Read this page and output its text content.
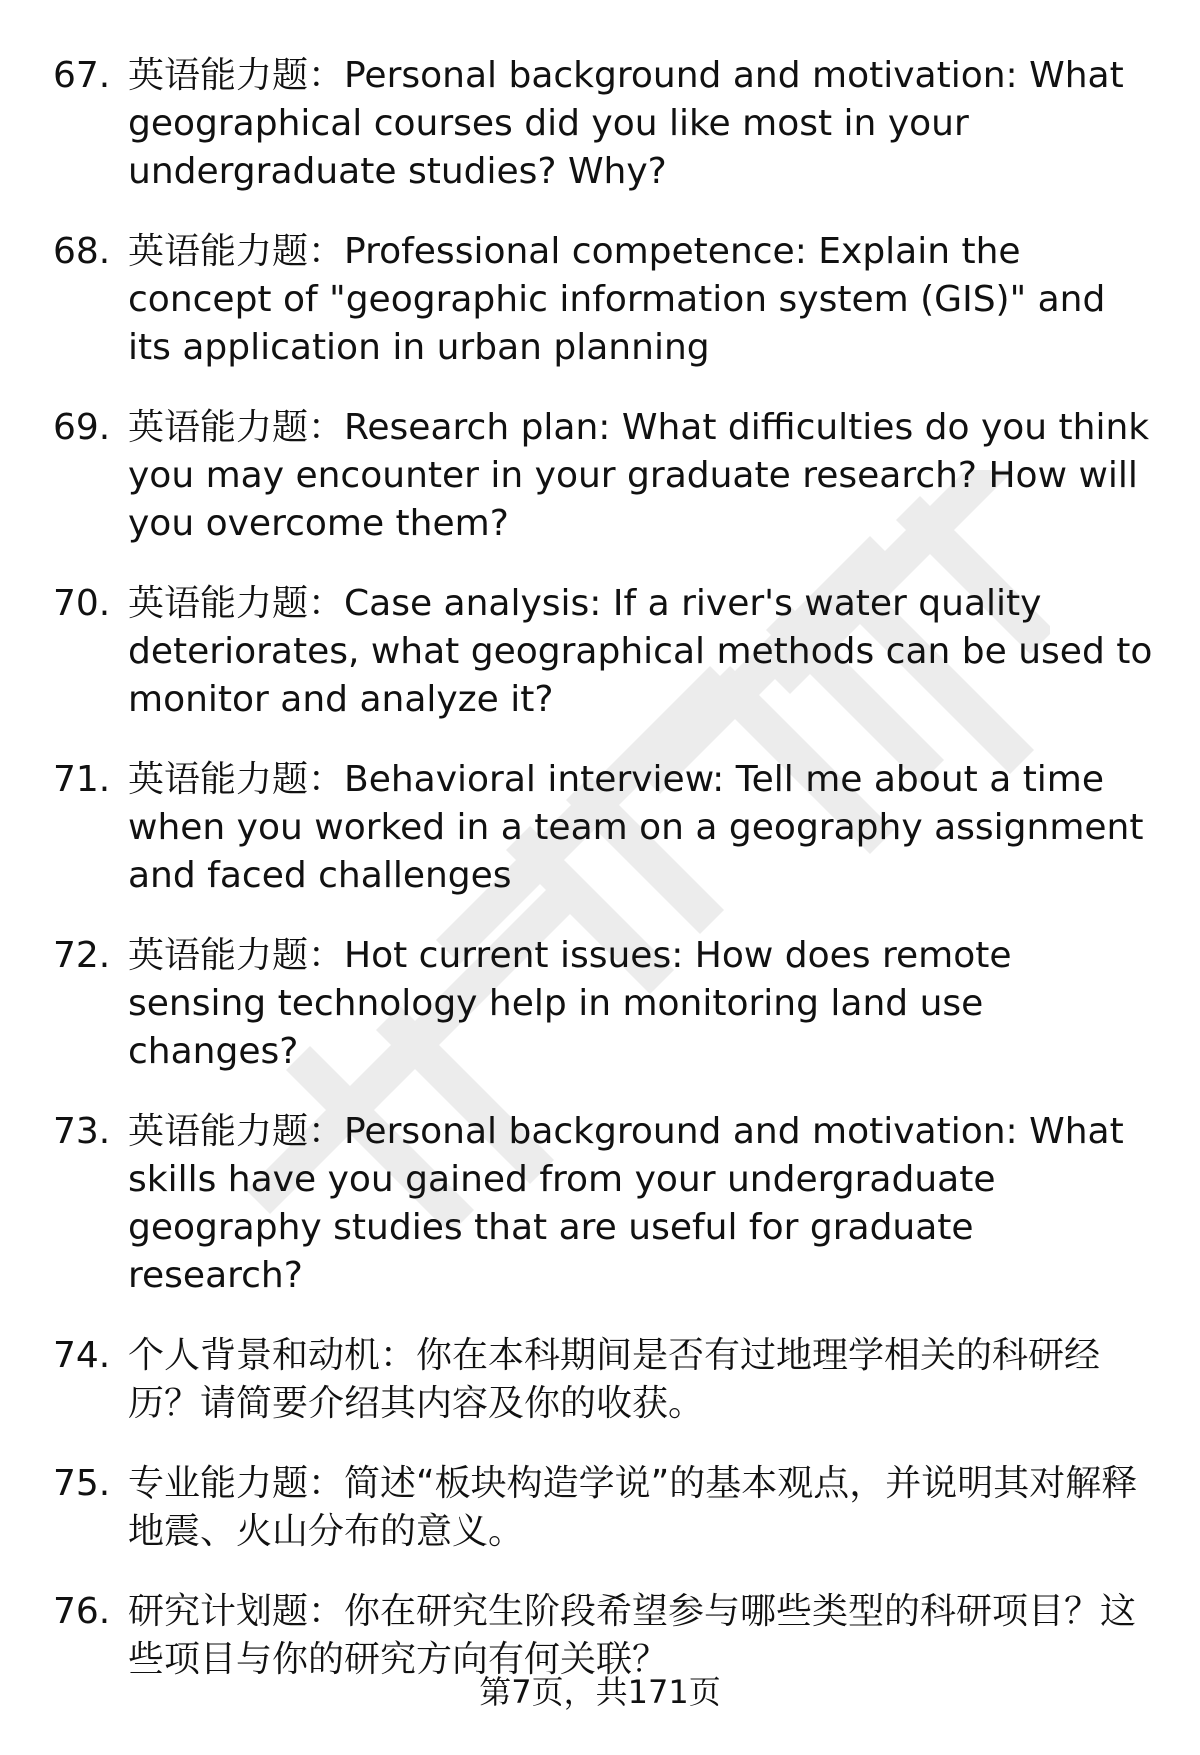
67. 英语能力题：Personal background and motivation: What geographical courses did you like most in your undergraduate studies? Why?
68. 英语能力题：Professional competence: Explain the concept of "geographic information system (GIS)" and its application in urban planning
69. 英语能力题：Research plan: What difficulties do you think you may encounter in your graduate research? How will you overcome them?
70. 英语能力题：Case analysis: If a river's water quality deteriorates, what geographical methods can be used to monitor and analyze it?
71. 英语能力题：Behavioral interview: Tell me about a time when you worked in a team on a geography assignment and faced challenges
72. 英语能力题：Hot current issues: How does remote sensing technology help in monitoring land use changes?
73. 英语能力题：Personal background and motivation: What skills have you gained from your undergraduate geography studies that are useful for graduate research?
74. 个人背景和动机：你在本科期间是否有过地理学相关的科研经历？请简要介绍其内容及你的收获。
75. 专业能力题：简述“板块构造学说”的基本观点，并说明其对解释地震、火山分布的意义。
76. 研究计划题：你在研究生阶段希望参与哪些类型的科研项目？这些项目与你的研究方向有何关联？
第7页，共171页
